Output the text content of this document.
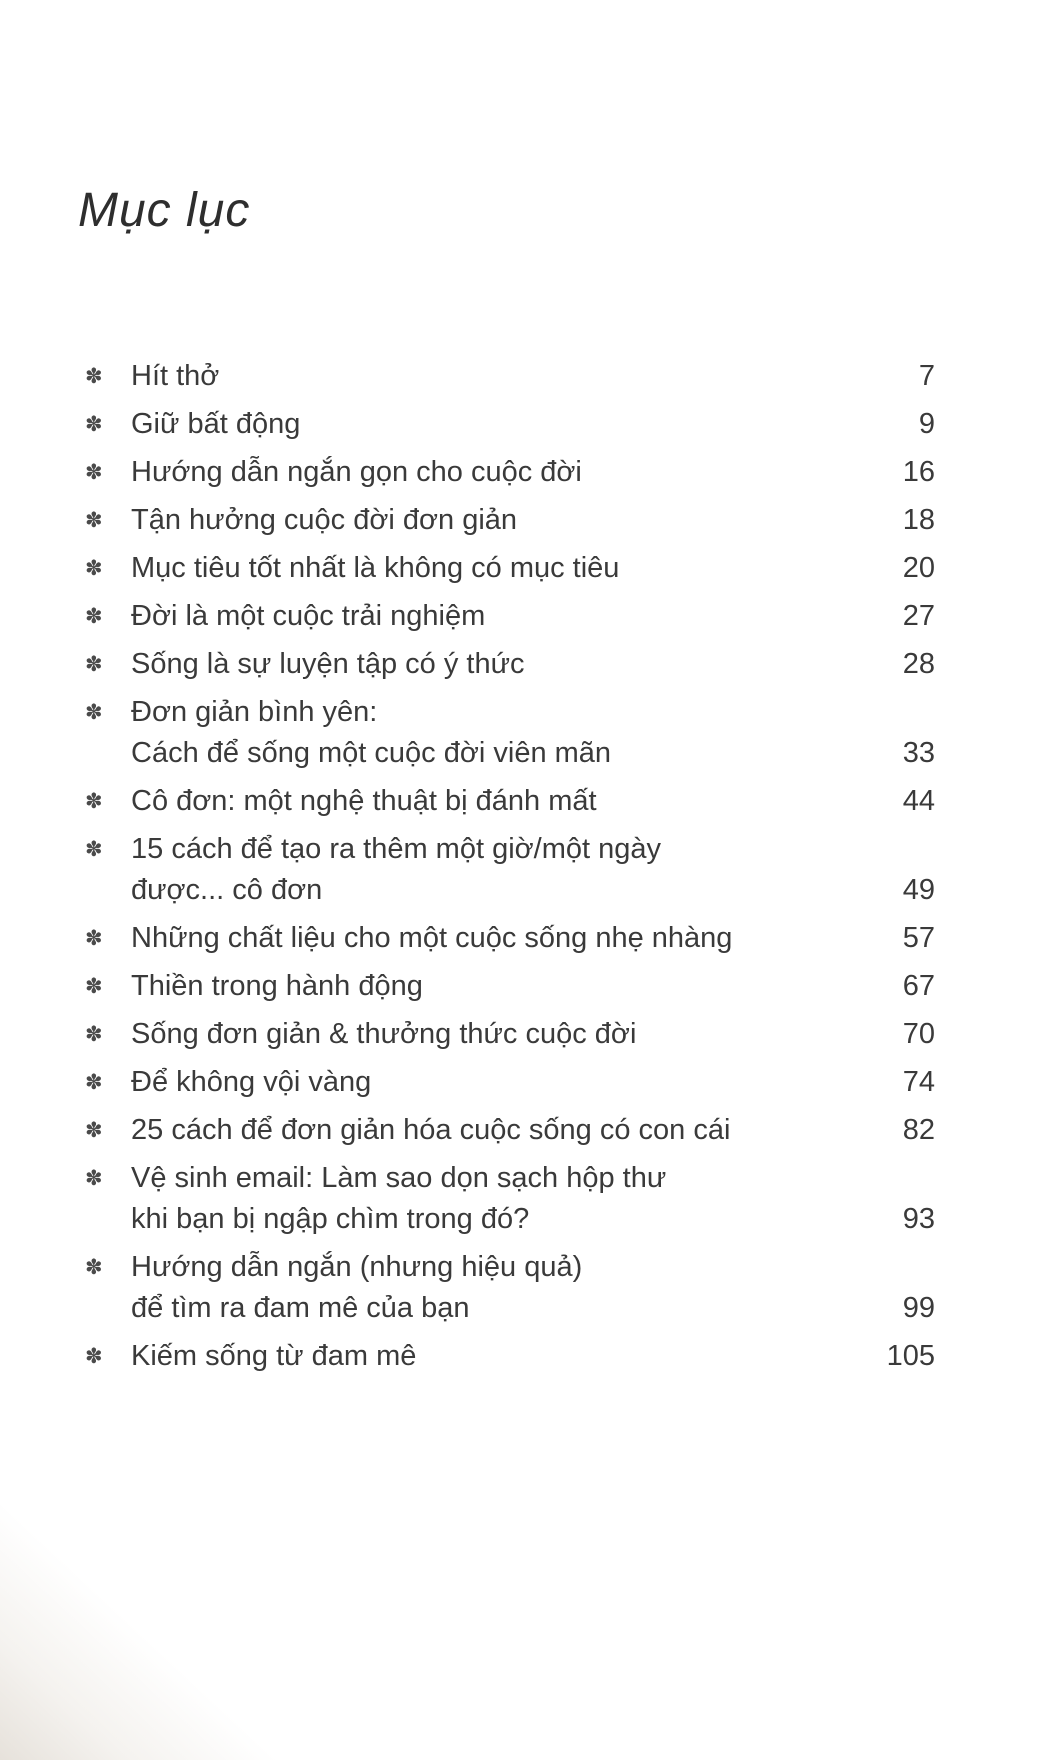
Mục lục
✽ Hít thở	7
✽ Giữ bất động	9
✽ Hướng dẫn ngắn gọn cho cuộc đời	16
✽ Tận hưởng cuộc đời đơn giản	18
✽ Mục tiêu tốt nhất là không có mục tiêu	20
✽ Đời là một cuộc trải nghiệm	27
✽ Sống là sự luyện tập có ý thức	28
✽ Đơn giản bình yên:
Cách để sống một cuộc đời viên mãn	33
✽ Cô đơn: một nghệ thuật bị đánh mất	44
✽ 15 cách để tạo ra thêm một giờ/một ngày
được... cô đơn	49
✽ Những chất liệu cho một cuộc sống nhẹ nhàng	57
✽ Thiền trong hành động	67
✽ Sống đơn giản & thưởng thức cuộc đời	70
✽ Để không vội vàng	74
✽ 25 cách để đơn giản hóa cuộc sống có con cái	82
✽ Vệ sinh email: Làm sao dọn sạch hộp thư
khi bạn bị ngập chìm trong đó?	93
✽ Hướng dẫn ngắn (nhưng hiệu quả)
để tìm ra đam mê của bạn	99
✽ Kiếm sống từ đam mê	105
